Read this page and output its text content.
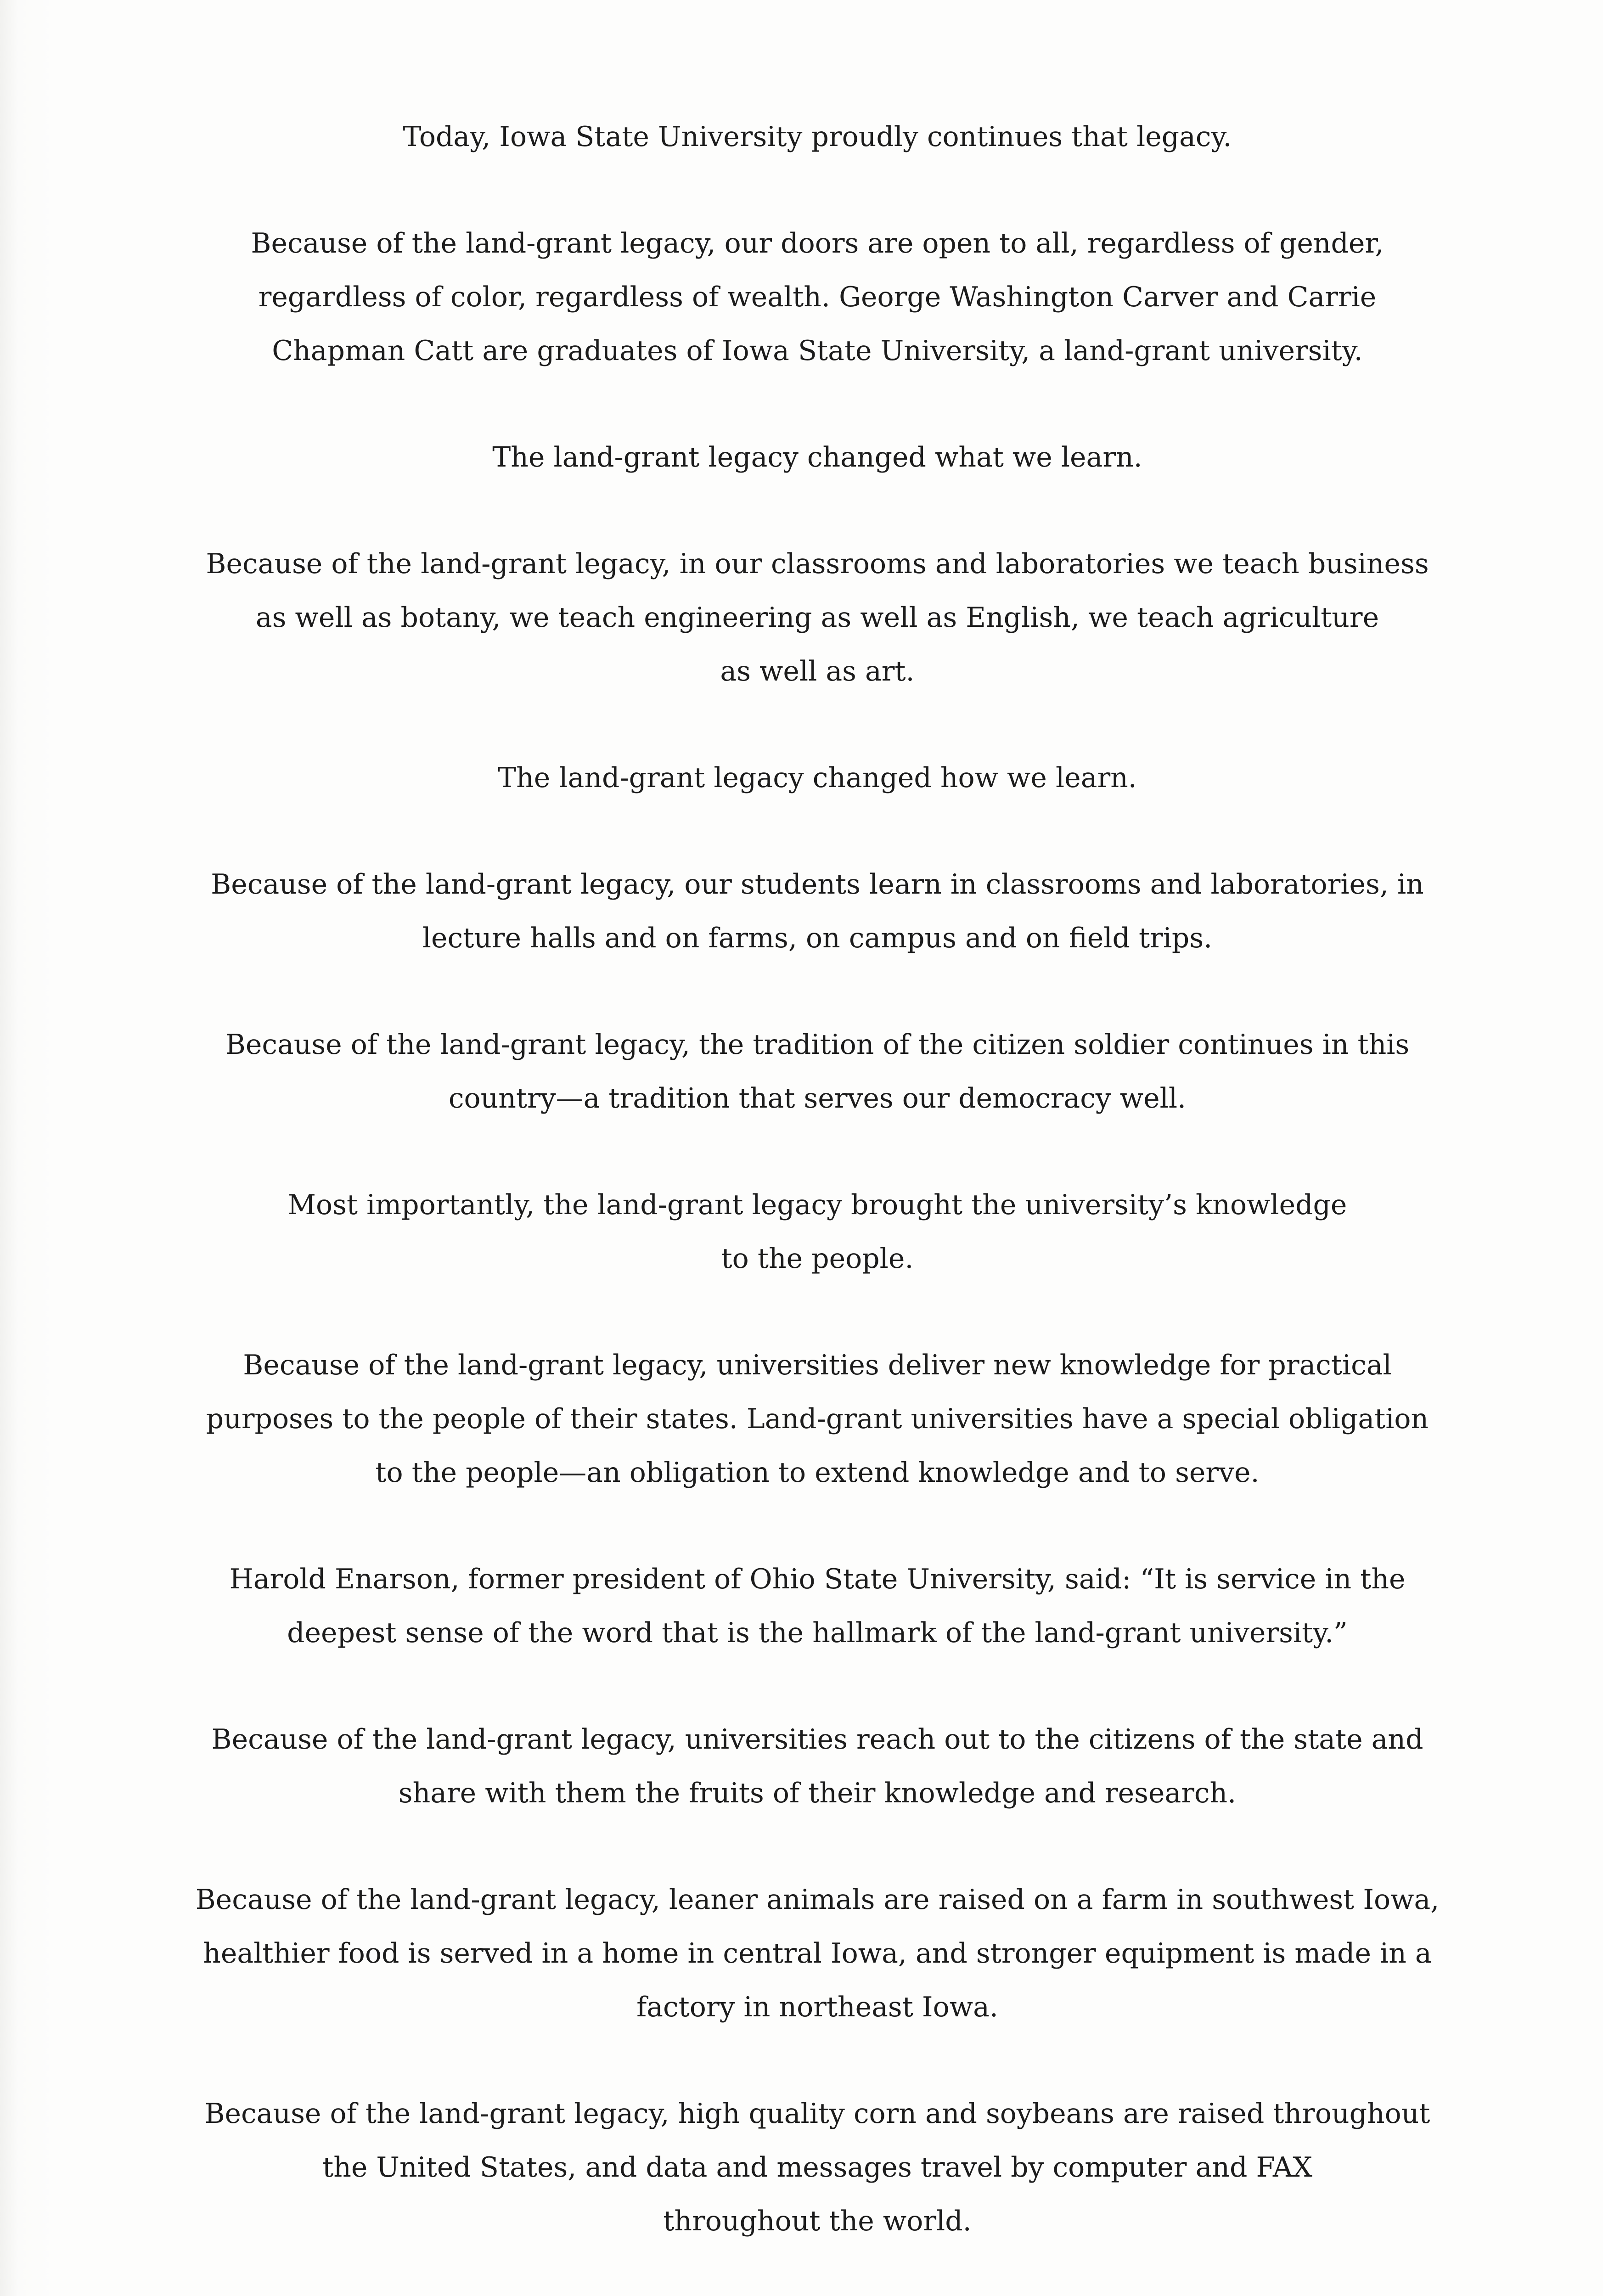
Today, Iowa State University proudly continues that legacy.

Because of the land-grant legacy, our doors are open to all, regardless of gender,
regardless of color, regardless of wealth. George Washington Carver and Carrie
Chapman Catt are graduates of Iowa State University, a land-grant university.

The land-grant legacy changed what we learn.

Because of the land-grant legacy, in our classrooms and laboratories we teach business
as well as botany, we teach engineering as well as English, we teach agriculture
as well as art.

The land-grant legacy changed how we learn.

Because of the land-grant legacy, our students learn in classrooms and laboratories, in
lecture halls and on farms, on campus and on field trips.

Because of the land-grant legacy, the tradition of the citizen soldier continues in this
country—a tradition that serves our democracy well.

Most importantly, the land-grant legacy brought the university’s knowledge
to the people.

Because of the land-grant legacy, universities deliver new knowledge for practical
purposes to the people of their states. Land-grant universities have a special obligation
to the people—an obligation to extend knowledge and to serve.

Harold Enarson, former president of Ohio State University, said: “It is service in the
deepest sense of the word that is the hallmark of the land-grant university.”

Because of the land-grant legacy, universities reach out to the citizens of the state and
share with them the fruits of their knowledge and research.

Because of the land-grant legacy, leaner animals are raised on a farm in southwest Iowa,
healthier food is served in a home in central Iowa, and stronger equipment is made in a
factory in northeast Iowa.

Because of the land-grant legacy, high quality corn and soybeans are raised throughout
the United States, and data and messages travel by computer and FAX
throughout the world.
